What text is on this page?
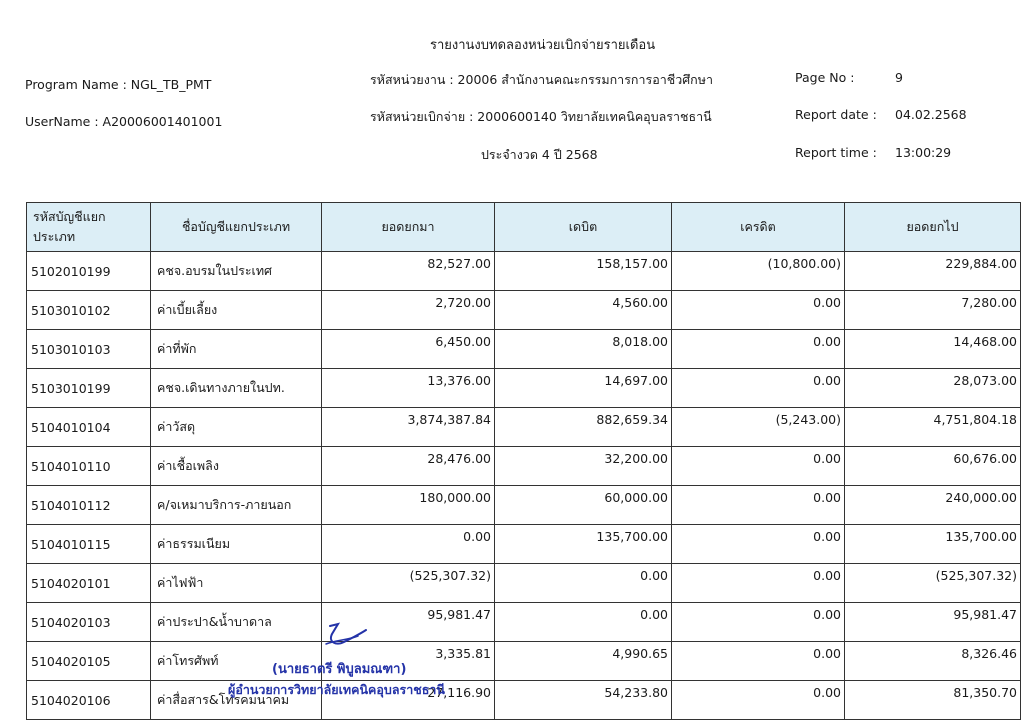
รายงานงบทดลองหน่วยเบิกจ่ายรายเดือน
Program Name : NGL_TB_PMT
UserName : A20006001401001
รหัสหน่วยงาน : 20006 สำนักงานคณะกรรมการการอาชีวศึกษา
รหัสหน่วยเบิกจ่าย : 2000600140 วิทยาลัยเทคนิคอุบลราชธานี
ประจำงวด 4 ปี 2568
Page No :	9
Report date : 04.02.2568
Report time : 13:00:29
รหัสบัญชีแยกประเภท	ชื่อบัญชีแยกประเภท	ยอดยกมา	เดบิต	เครดิต	ยอดยกไป
5102010199	คชจ.อบรมในประเทศ	82,527.00	158,157.00	(10,800.00)	229,884.00
5103010102	ค่าเบี้ยเลี้ยง	2,720.00	4,560.00	0.00	7,280.00
5103010103	ค่าที่พัก	6,450.00	8,018.00	0.00	14,468.00
5103010199	คชจ.เดินทางภายในปท.	13,376.00	14,697.00	0.00	28,073.00
5104010104	ค่าวัสดุ	3,874,387.84	882,659.34	(5,243.00)	4,751,804.18
5104010110	ค่าเชื้อเพลิง	28,476.00	32,200.00	0.00	60,676.00
5104010112	ค/จเหมาบริการ-ภายนอก	180,000.00	60,000.00	0.00	240,000.00
5104010115	ค่าธรรมเนียม	0.00	135,700.00	0.00	135,700.00
5104020101	ค่าไฟฟ้า	(525,307.32)	0.00	0.00	(525,307.32)
5104020103	ค่าประปา&น้ำบาดาล	95,981.47	0.00	0.00	95,981.47
5104020105	ค่าโทรศัพท์	3,335.81	4,990.65	0.00	8,326.46
5104020106	ค่าสื่อสาร&โทรคมนาคม	27,116.90	54,233.80	0.00	81,350.70
(นายธาตรี พิบูลมณฑา)
ผู้อำนวยการวิทยาลัยเทคนิคอุบลราชธานี
